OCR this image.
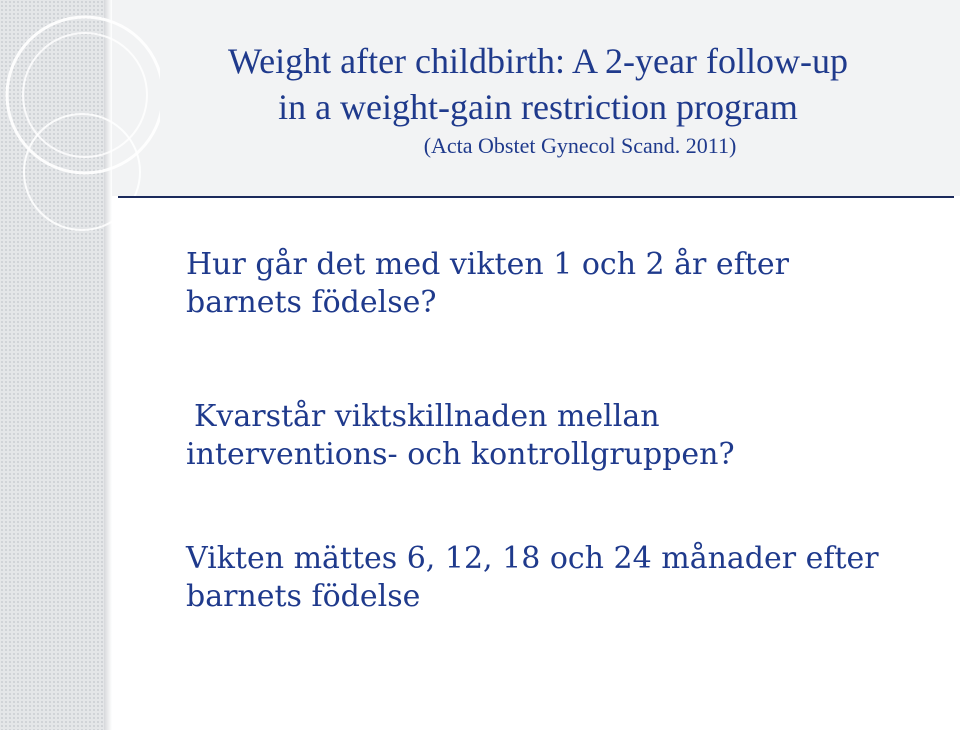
Weight after childbirth: A 2-year follow-up
in a weight-gain restriction program
(Acta Obstet Gynecol Scand. 2011)

Hur går det med vikten 1 och 2 år efter
barnets födelse?

Kvarstår viktskillnaden mellan
interventions- och kontrollgruppen?

Vikten mättes 6, 12, 18 och 24 månader efter
barnets födelse
